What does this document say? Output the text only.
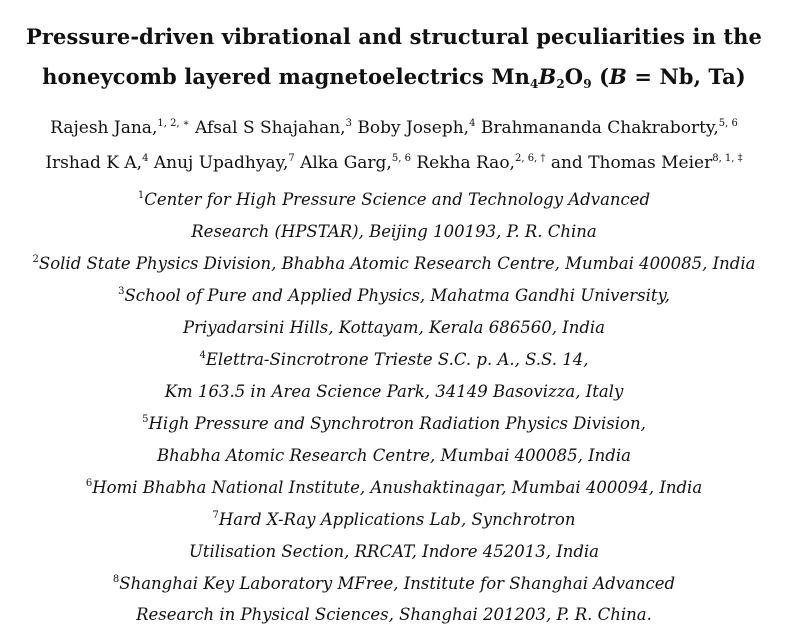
Pressure-driven vibrational and structural peculiarities in the
honeycomb layered magnetoelectrics $Mn_4B_2O_9$ (B = Nb, Ta)
Rajesh Jana,$^{1, 2, ∗}$ Afsal S Shajahan,$^3$ Boby Joseph,$^4$ Brahmananda Chakraborty,$^{5, 6}$
Irshad K A,$^4$ Anuj Upadhyay,$^7$ Alka Garg,$^{5, 6}$ Rekha Rao,$^{2, 6, \dagger}$ and Thomas Meier$^{8, 1, \ddagger}$
$^1$Center for High Pressure Science and Technology Advanced
Research (HPSTAR), Beijing 100193, P. R. China
$^2$Solid State Physics Division, Bhabha Atomic Research Centre, Mumbai 400085, India
$^3$School of Pure and Applied Physics, Mahatma Gandhi University,
Priyadarsini Hills, Kottayam, Kerala 686560, India
$^4$Elettra-Sincrotrone Trieste S.C. p. A., S.S. 14,
Km 163.5 in Area Science Park, 34149 Basovizza, Italy
$^5$High Pressure and Synchrotron Radiation Physics Division,
Bhabha Atomic Research Centre, Mumbai 400085, India
$^6$Homi Bhabha National Institute, Anushaktinagar, Mumbai 400094, India
$^7$Hard X-Ray Applications Lab, Synchrotron
Utilisation Section, RRCAT, Indore 452013, India
$^8$Shanghai Key Laboratory MFree, Institute for Shanghai Advanced
Research in Physical Sciences, Shanghai 201203, P. R. China.
